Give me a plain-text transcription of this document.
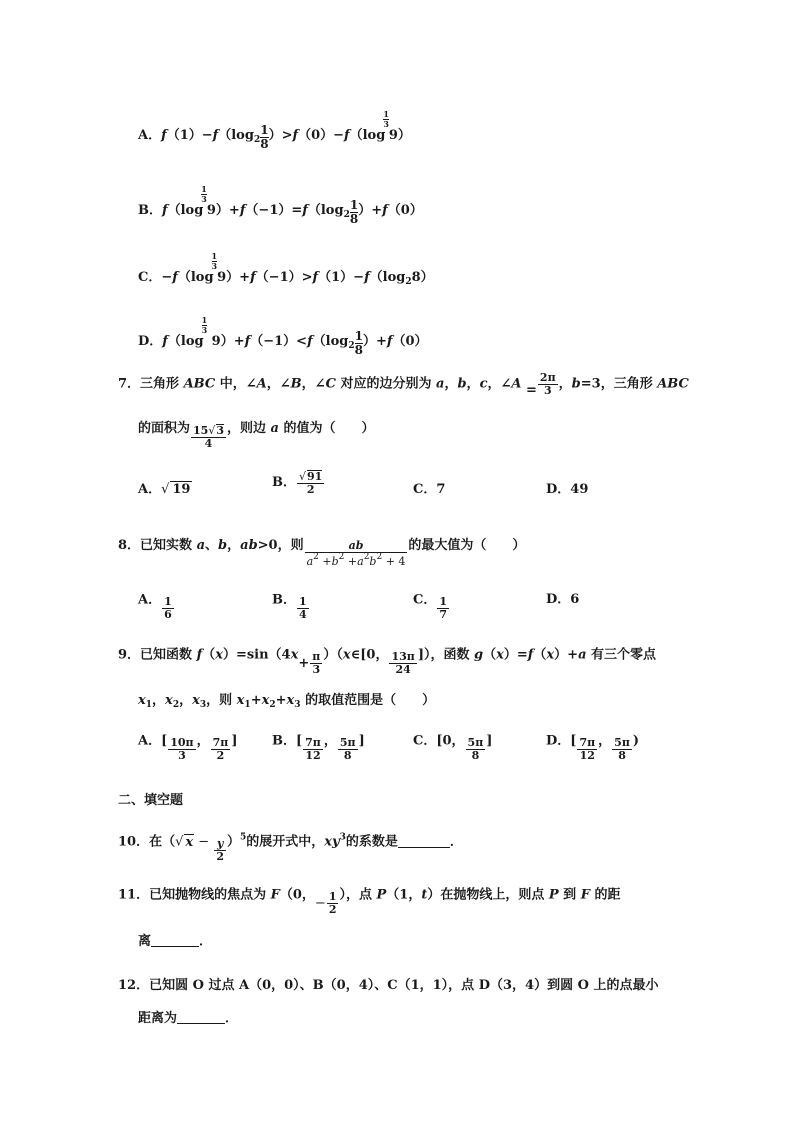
A．$f(1)-f(\log_2 \frac{1}{8} )>f(0)-f(\log$
$\frac{1}{3}$
9）
B．f（log
$\frac{1}{3}$
$9)+f(-1)=f(\log_2 \frac{1}{8} )+f(0)$
C．−f（log
$\frac{1}{3}$
$9)+f(-1)>f(1)-f(\log_28)$
D．f（log
$\frac{1}{3}$
$9)+f(-1)<f(\log_2 \frac{1}{8} )+f(0)$
7．三角形 ABC 中，∠A，∠B，∠C 对应的边分别为 a，b，c，∠A = $\frac{2\pi}{3}$ ，b=3，三角形 ABC
的面积为 $\frac{15√3}{4}$ ，则边 a 的值为（　　）
A．√ 19	B． $\frac{√91}{2}$	C．7	D．49
8．已知实数 a、b，ab>0，则 $\frac{ab}{a^2 +b^2 +a^2b^2 + 4}$ 的最大值为（　　）
A． $\frac{1}{6}$	B． $\frac{1}{4}$	C． $\frac{1}{7}$	D．6
9．已知函数 $f(x)=\sin(4x+ \frac{\pi}{3}$ ）（x∈[0， $\frac{13\pi}{24}$ ]），函数 g（x）=f（x）+a 有三个零点
$x_1$，$x_2$，$x_3$，则 $x_1+x_2+x_3$ 的取值范围是（　　）
A．[ $\frac{10\pi}{3}$ ， $\frac{7\pi}{2}$ ]	B．[ $\frac{7\pi}{12}$ ， $\frac{5\pi}{8}$ ]	C．[0， $\frac{5\pi}{8}$ ]	D．[ $\frac{7\pi}{12}$ ， $\frac{5\pi}{8}$ )
二、填空题
10．在（√ $x - \frac{y}{2} )^5$的展开式中，$xy^3$的系数是	．
11．已知抛物线的焦点为 F（0，− $\frac{1}{2}$ ），点 P（1，t）在抛物线上，则点 P 到 F 的距
离	．
12．已知圆 O 过点 A（0，0）、B（0，4）、C（1，1），点 D（3，4）到圆 O 上的点最小
距离为	．
